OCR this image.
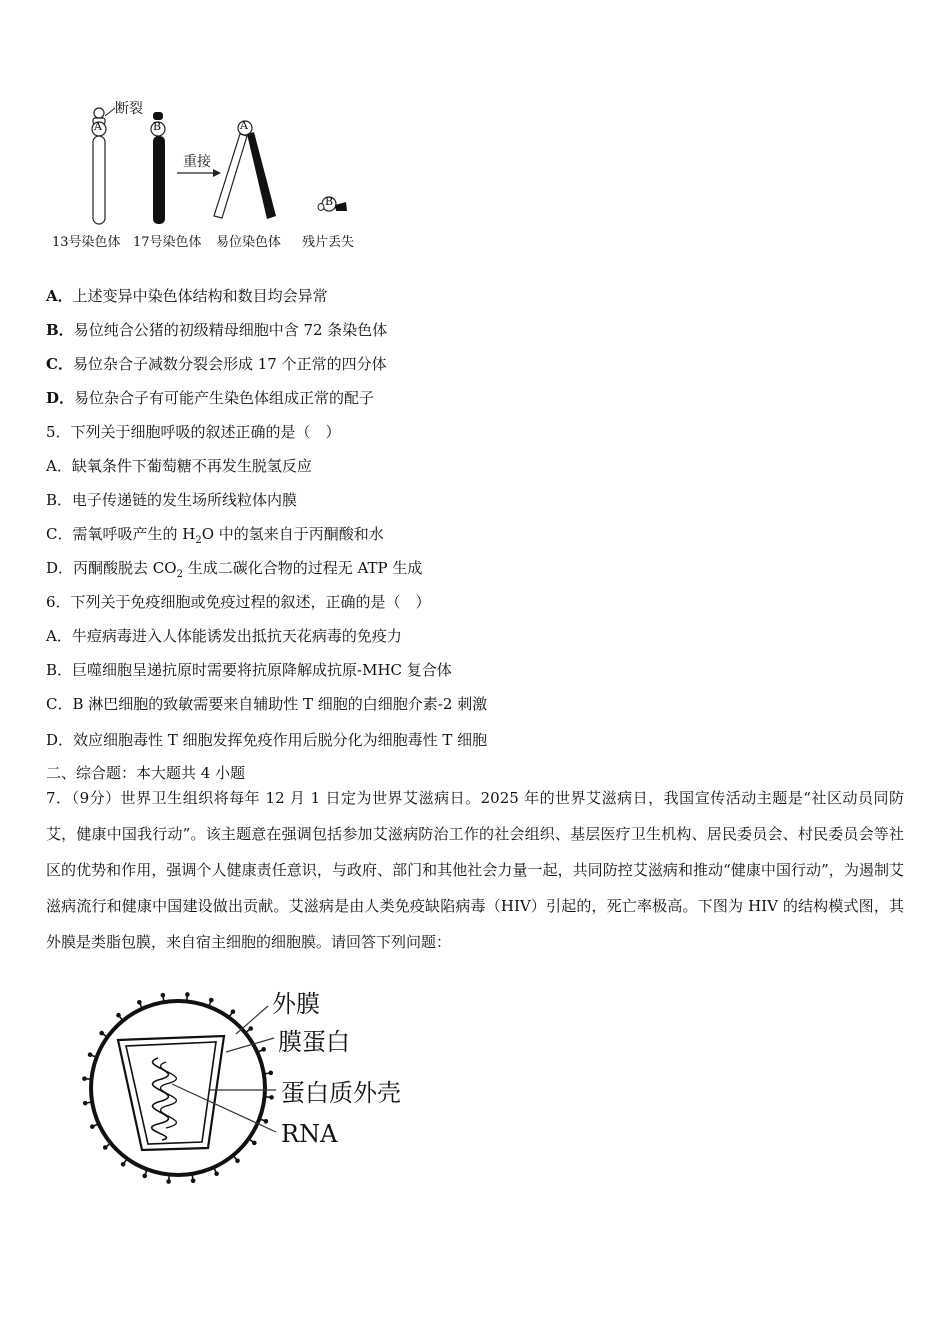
断裂
A	B
重接
A
B
13号染色体 17号染色体 易位染色体 残片丢失
A．上述变异中染色体结构和数目均会异常
B．易位纯合公猪的初级精母细胞中含 72 条染色体
C．易位杂合子减数分裂会形成 17 个正常的四分体
D．易位杂合子有可能产生染色体组成正常的配子
5．下列关于细胞呼吸的叙述正确的是（　）
A．缺氧条件下葡萄糖不再发生脱氢反应
B．电子传递链的发生场所线粒体内膜
C．需氧呼吸产生的 $H_2O$ 中的氢来自于丙酮酸和水
D．丙酮酸脱去 $CO_2$ 生成二碳化合物的过程无 ATP 生成
6．下列关于免疫细胞或免疫过程的叙述，正确的是（　）
A．牛痘病毒进入人体能诱发出抵抗天花病毒的免疫力
B．巨噬细胞呈递抗原时需要将抗原降解成抗原-MHC 复合体
C．B 淋巴细胞的致敏需要来自辅助性 T 细胞的白细胞介素-2 刺激
D．效应细胞毒性 T 细胞发挥免疫作用后脱分化为细胞毒性 T 细胞
二、综合题：本大题共 4 小题
7．（9分）世界卫生组织将每年 12 月 1 日定为世界艾滋病日。2025 年的世界艾滋病日，我国宣传活动主题是“社区动员同防艾，健康中国我行动”。该主题意在强调包括参加艾滋病防治工作的社会组织、基层医疗卫生机构、居民委员会、村民委员会等社区的优势和作用，强调个人健康责任意识，与政府、部门和其他社会力量一起，共同防控艾滋病和推动“健康中国行动”，为遏制艾滋病流行和健康中国建设做出贡献。艾滋病是由人类免疫缺陷病毒（HIV）引起的，死亡率极高。下图为 HIV 的结构模式图，其外膜是类脂包膜，来自宿主细胞的细胞膜。请回答下列问题：
外膜
膜蛋白
蛋白质外壳
RNA
